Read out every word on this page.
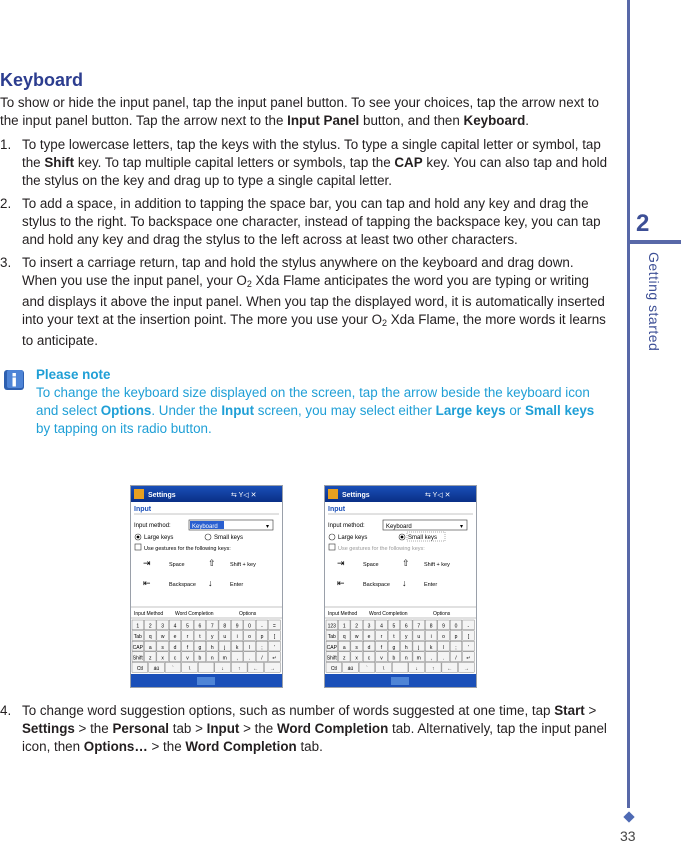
Keyboard

To show or hide the input panel, tap the input panel button. To see your choices, tap the arrow next to the input panel button. Tap the arrow next to the Input Panel button, and then Keyboard.

1. To type lowercase letters, tap the keys with the stylus. To type a single capital letter or symbol, tap the Shift key. To tap multiple capital letters or symbols, tap the CAP key. You can also tap and hold the stylus on the key and drag up to type a single capital letter.
2. To add a space, in addition to tapping the space bar, you can tap and hold any key and drag the stylus to the right. To backspace one character, instead of tapping the backspace key, you can tap and hold any key and drag the stylus to the left across at least two other characters.
3. To insert a carriage return, tap and hold the stylus anywhere on the keyboard and drag down. When you use the input panel, your O2 Xda Flame anticipates the word you are typing or writing and displays it above the input panel. When you tap the displayed word, it is automatically inserted into your text at the insertion point. The more you use your O2 Xda Flame, the more words it learns to anticipate.
Please note
To change the keyboard size displayed on the screen, tap the arrow beside the keyboard icon and select Options. Under the Input screen, you may select either Large keys or Small keys by tapping on its radio button.
Settings	⇆ Y◁ ✕
Input
Input method:	Keyboard	▾
Large keys	Small keys
Use gestures for the following keys:
⇥	Space	⇧	Shift + key
⇤	Backspace ↓	Enter
Input Method Word Completion	Options
1 2 3 4 5 6 7 8 9 0 - =
Tab q w e r t y u i o p [
CAP a s d f g h j k l ; '
Shift z x c v b n m , . / ↵
Ctl áü	`	\	↓	↑	← →
Settings	⇆ Y◁ ✕
Input
Input method:	Keyboard	▾
Large keys	Small keys
Use gestures for the following keys:
⇥	Space	⇧	Shift + key
⇤	Backspace ↓	Enter
Input Method Word Completion	Options
123 1 2 3 4 5 6 7 8 9 0 -
Tab q w e r t y u i o p [
CAP a s d f g h j k l ; '
Shift z x c v b n m , . / ↵
Ctl áü	`	\	↓	↑	← →
4. To change word suggestion options, such as number of words suggested at one time, tap Start > Settings > the Personal tab > Input > the Word Completion tab. Alternatively, tap the input panel icon, then Options… > the Word Completion tab.
2
Getting started
33
